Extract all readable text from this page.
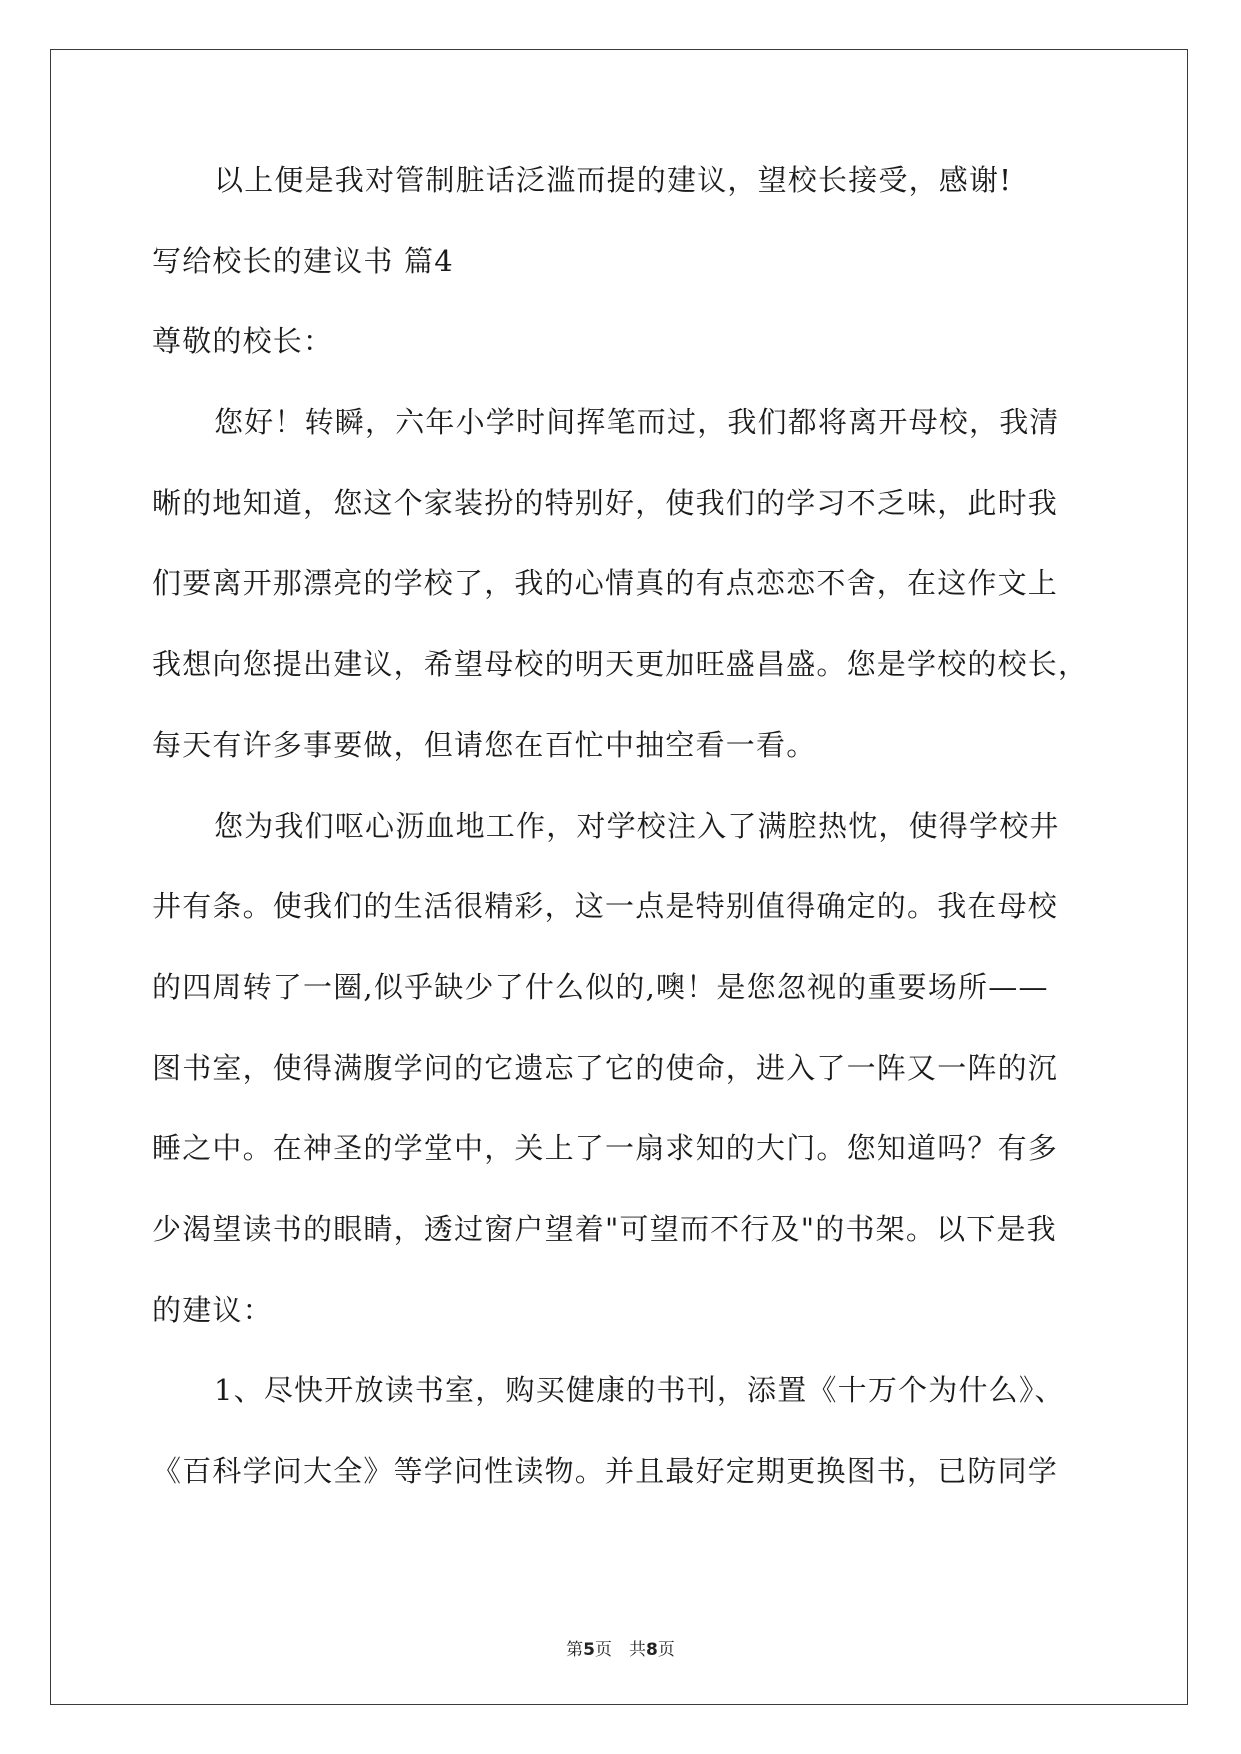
以上便是我对管制脏话泛滥而提的建议，望校长接受，感谢!
写给校长的建议书 篇4
尊敬的校长：
您好！转瞬，六年小学时间挥笔而过，我们都将离开母校，我清
晰的地知道，您这个家装扮的特别好，使我们的学习不乏味，此时我
们要离开那漂亮的学校了，我的心情真的有点恋恋不舍，在这作文上
我想向您提出建议，希望母校的明天更加旺盛昌盛。您是学校的校长，
每天有许多事要做，但请您在百忙中抽空看一看。
您为我们呕心沥血地工作，对学校注入了满腔热忱，使得学校井
井有条。使我们的生活很精彩，这一点是特别值得确定的。我在母校
的四周转了一圈,似乎缺少了什么似的,噢！是您忽视的重要场所——
图书室，使得满腹学问的它遗忘了它的使命，进入了一阵又一阵的沉
睡之中。在神圣的学堂中，关上了一扇求知的大门。您知道吗？有多
少渴望读书的眼睛，透过窗户望着"可望而不行及"的书架。以下是我
的建议：
1、尽快开放读书室，购买健康的书刊，添置《十万个为什么》、
《百科学问大全》等学问性读物。并且最好定期更换图书，已防同学
第5页　共8页
